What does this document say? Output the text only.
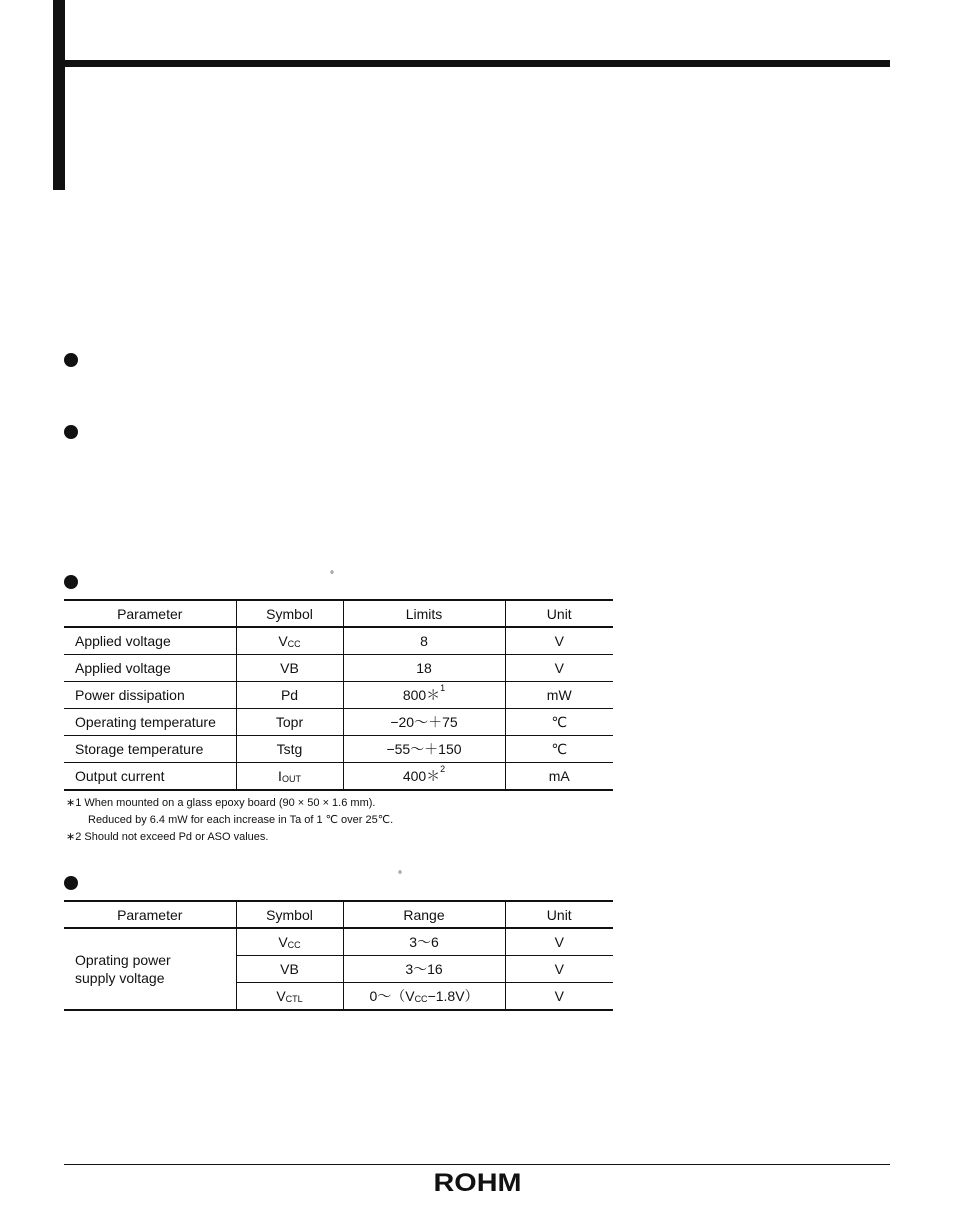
°
Parameter	Symbol	Limits	Unit
Applied voltage	$V_{CC}$	8	V
Applied voltage	VB	18	V
Power dissipation	Pd	800＊$^1$	mW
Operating temperature	Topr	−20〜＋75	℃
Storage temperature	Tstg	−55〜＋150	℃
Output current	$I_{OUT}$	400＊$^2$	mA
∗1 When mounted on a glass epoxy board (90 × 50 × 1.6 mm).
Reduced by 6.4 mW for each increase in Ta of 1 ℃ over 25℃.
∗2 Should not exceed Pd or ASO values.
°
Parameter	Symbol	Range	Unit
Oprating power supply voltage	$V_{CC}$	3〜6	V
	VB	3〜16	V
	$V_{CTL}$	0〜$(V_{CC}-1.8V)$	V
ROHM
